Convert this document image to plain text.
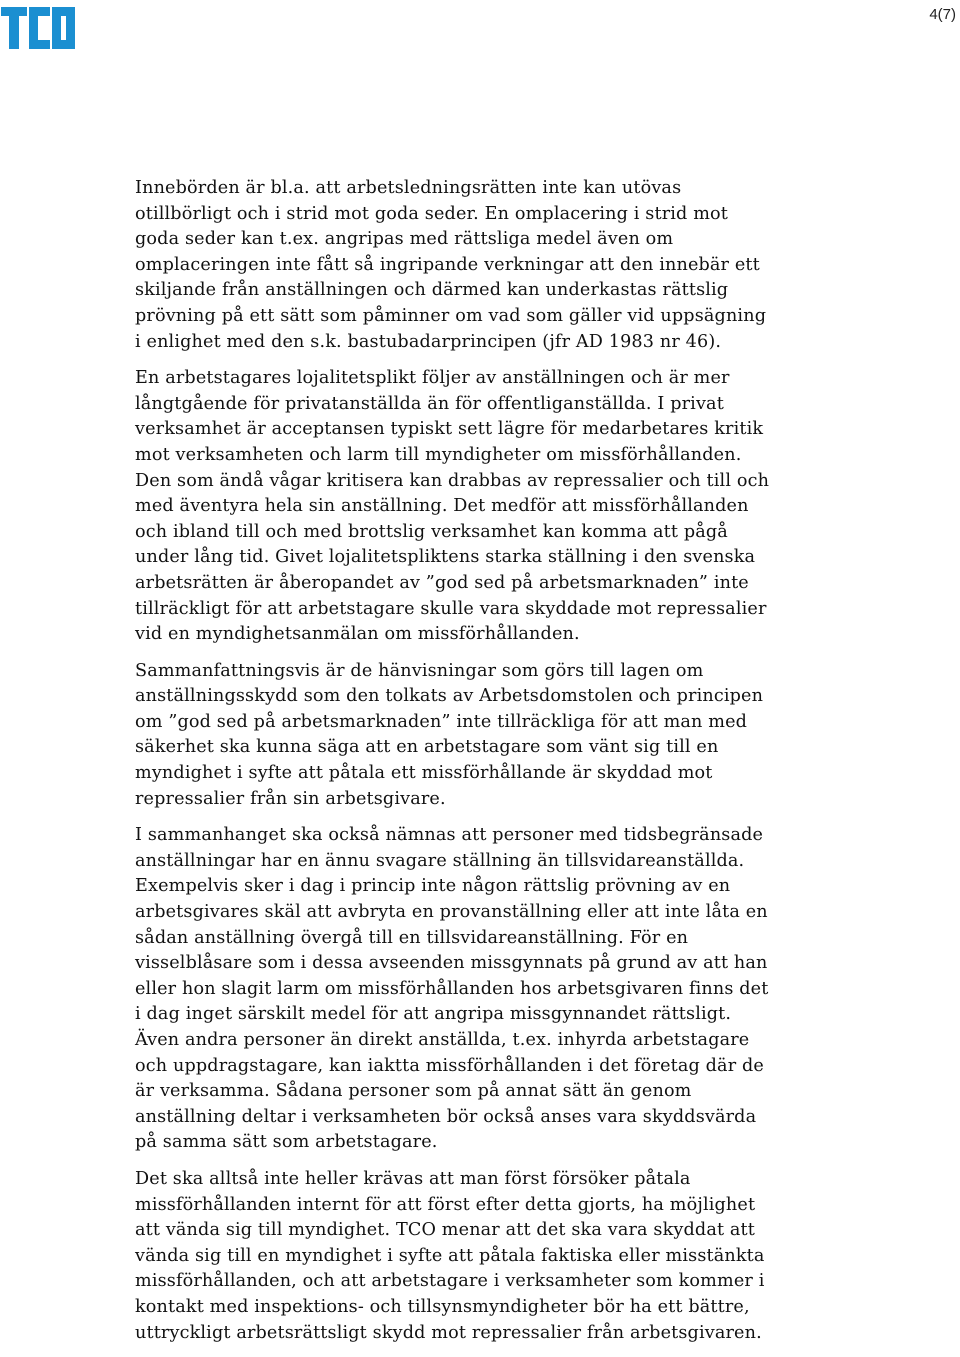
4(7)

Innebörden är bl.a. att arbetsledningsrätten inte kan utövas
otillbörligt och i strid mot goda seder. En omplacering i strid mot
goda seder kan t.ex. angripas med rättsliga medel även om
omplaceringen inte fått så ingripande verkningar att den innebär ett
skiljande från anställningen och därmed kan underkastas rättslig
prövning på ett sätt som påminner om vad som gäller vid uppsägning
i enlighet med den s.k. bastubadarprincipen (jfr AD 1983 nr 46).

En arbetstagares lojalitetsplikt följer av anställningen och är mer
långtgående för privatanställda än för offentliganställda. I privat
verksamhet är acceptansen typiskt sett lägre för medarbetares kritik
mot verksamheten och larm till myndigheter om missförhållanden.
Den som ändå vågar kritisera kan drabbas av repressalier och till och
med äventyra hela sin anställning. Det medför att missförhållanden
och ibland till och med brottslig verksamhet kan komma att pågå
under lång tid. Givet lojalitetspliktens starka ställning i den svenska
arbetsrätten är åberopandet av ”god sed på arbetsmarknaden” inte
tillräckligt för att arbetstagare skulle vara skyddade mot repressalier
vid en myndighetsanmälan om missförhållanden.

Sammanfattningsvis är de hänvisningar som görs till lagen om
anställningsskydd som den tolkats av Arbetsdomstolen och principen
om ”god sed på arbetsmarknaden” inte tillräckliga för att man med
säkerhet ska kunna säga att en arbetstagare som vänt sig till en
myndighet i syfte att påtala ett missförhållande är skyddad mot
repressalier från sin arbetsgivare.

I sammanhanget ska också nämnas att personer med tidsbegränsade
anställningar har en ännu svagare ställning än tillsvidareanställda.
Exempelvis sker i dag i princip inte någon rättslig prövning av en
arbetsgivares skäl att avbryta en provanställning eller att inte låta en
sådan anställning övergå till en tillsvidareanställning. För en
visselblåsare som i dessa avseenden missgynnats på grund av att han
eller hon slagit larm om missförhållanden hos arbetsgivaren finns det
i dag inget särskilt medel för att angripa missgynnandet rättsligt.
Även andra personer än direkt anställda, t.ex. inhyrda arbetstagare
och uppdragstagare, kan iaktta missförhållanden i det företag där de
är verksamma. Sådana personer som på annat sätt än genom
anställning deltar i verksamheten bör också anses vara skyddsvärda
på samma sätt som arbetstagare.

Det ska alltså inte heller krävas att man först försöker påtala
missförhållanden internt för att först efter detta gjorts, ha möjlighet
att vända sig till myndighet. TCO menar att det ska vara skyddat att
vända sig till en myndighet i syfte att påtala faktiska eller misstänkta
missförhållanden, och att arbetstagare i verksamheter som kommer i
kontakt med inspektions- och tillsynsmyndigheter bör ha ett bättre,
uttryckligt arbetsrättsligt skydd mot repressalier från arbetsgivaren.
